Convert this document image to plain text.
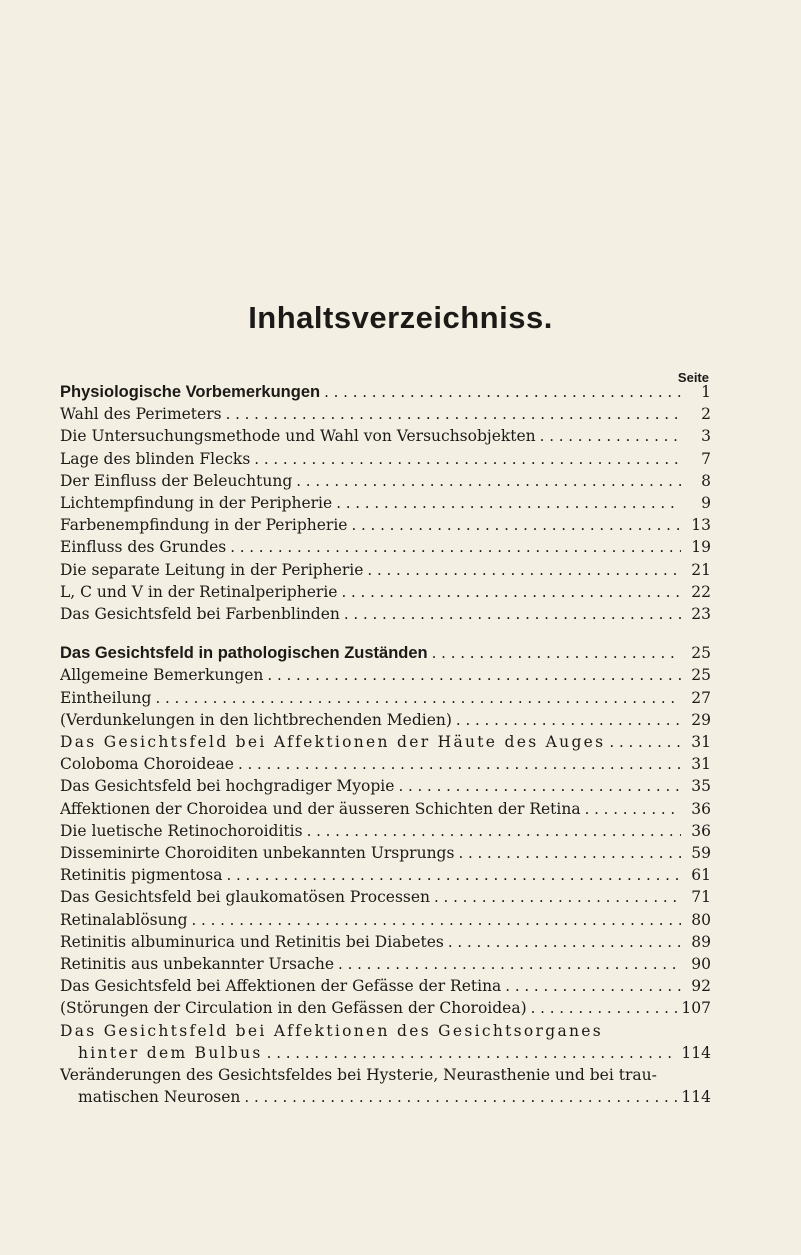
Inhaltsverzeichniss.
Seite
Physiologische Vorbemerkungen . . .	1
Wahl des Perimeters . . .	2
Die Untersuchungsmethode und Wahl von Versuchsobjekten . . .	3
Lage des blinden Flecks . . .	7
Der Einfluss der Beleuchtung . . .	8
Lichtempfindung in der Peripherie . . .	9
Farbenempfindung in der Peripherie . . .	13
Einfluss des Grundes . . .	19
Die separate Leitung in der Peripherie . . .	21
L, C und V in der Retinalperipherie . . .	22
Das Gesichtsfeld bei Farbenblinden . . .	23
Das Gesichtsfeld in pathologischen Zuständen . . .	25
Allgemeine Bemerkungen . . .	25
Eintheilung . . .	27
(Verdunkelungen in den lichtbrechenden Medien) . . .	29
Das Gesichtsfeld bei Affektionen der Häute des Auges . . .	31
Coloboma Choroideae . . .	31
Das Gesichtsfeld bei hochgradiger Myopie . . .	35
Affektionen der Choroidea und der äusseren Schichten der Retina . . .	36
Die luetische Retinochoroiditis . . .	36
Disseminirte Choroiditen unbekannten Ursprungs . . .	59
Retinitis pigmentosa . . .	61
Das Gesichtsfeld bei glaukomatösen Processen . . .	71
Retinalablösung . . .	80
Retinitis albuminurica und Retinitis bei Diabetes . . .	89
Retinitis aus unbekannter Ursache . . .	90
Das Gesichtsfeld bei Affektionen der Gefässe der Retina . . .	92
(Störungen der Circulation in den Gefässen der Choroidea) . . .	107
Das Gesichtsfeld bei Affektionen des Gesichtsorganes
hinter dem Bulbus . . .	114
Veränderungen des Gesichtsfeldes bei Hysterie, Neurasthenie und bei trau-
matischen Neurosen . . .	114
